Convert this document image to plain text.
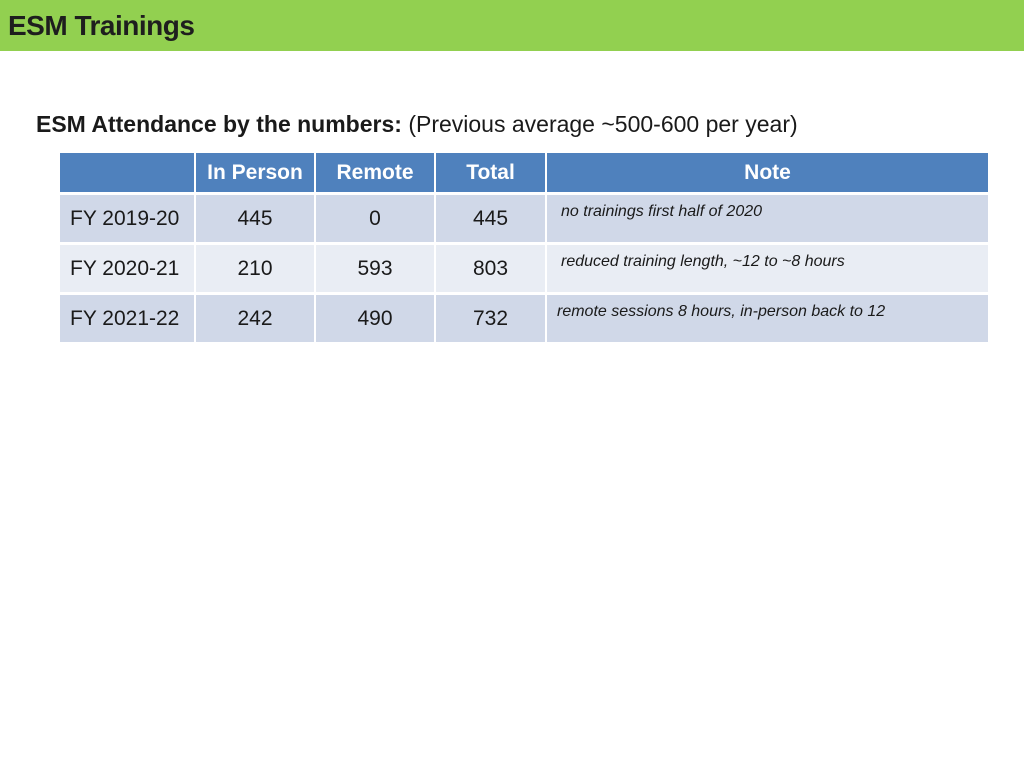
ESM Trainings
ESM Attendance by the numbers: (Previous average ~500-600 per year)
	In Person	Remote	Total	Note
FY 2019-20	445	0	445	no trainings first half of 2020
FY 2020-21	210	593	803	reduced training length, ~12 to ~8 hours
FY 2021-22	242	490	732	remote sessions 8 hours, in-person back to 12
